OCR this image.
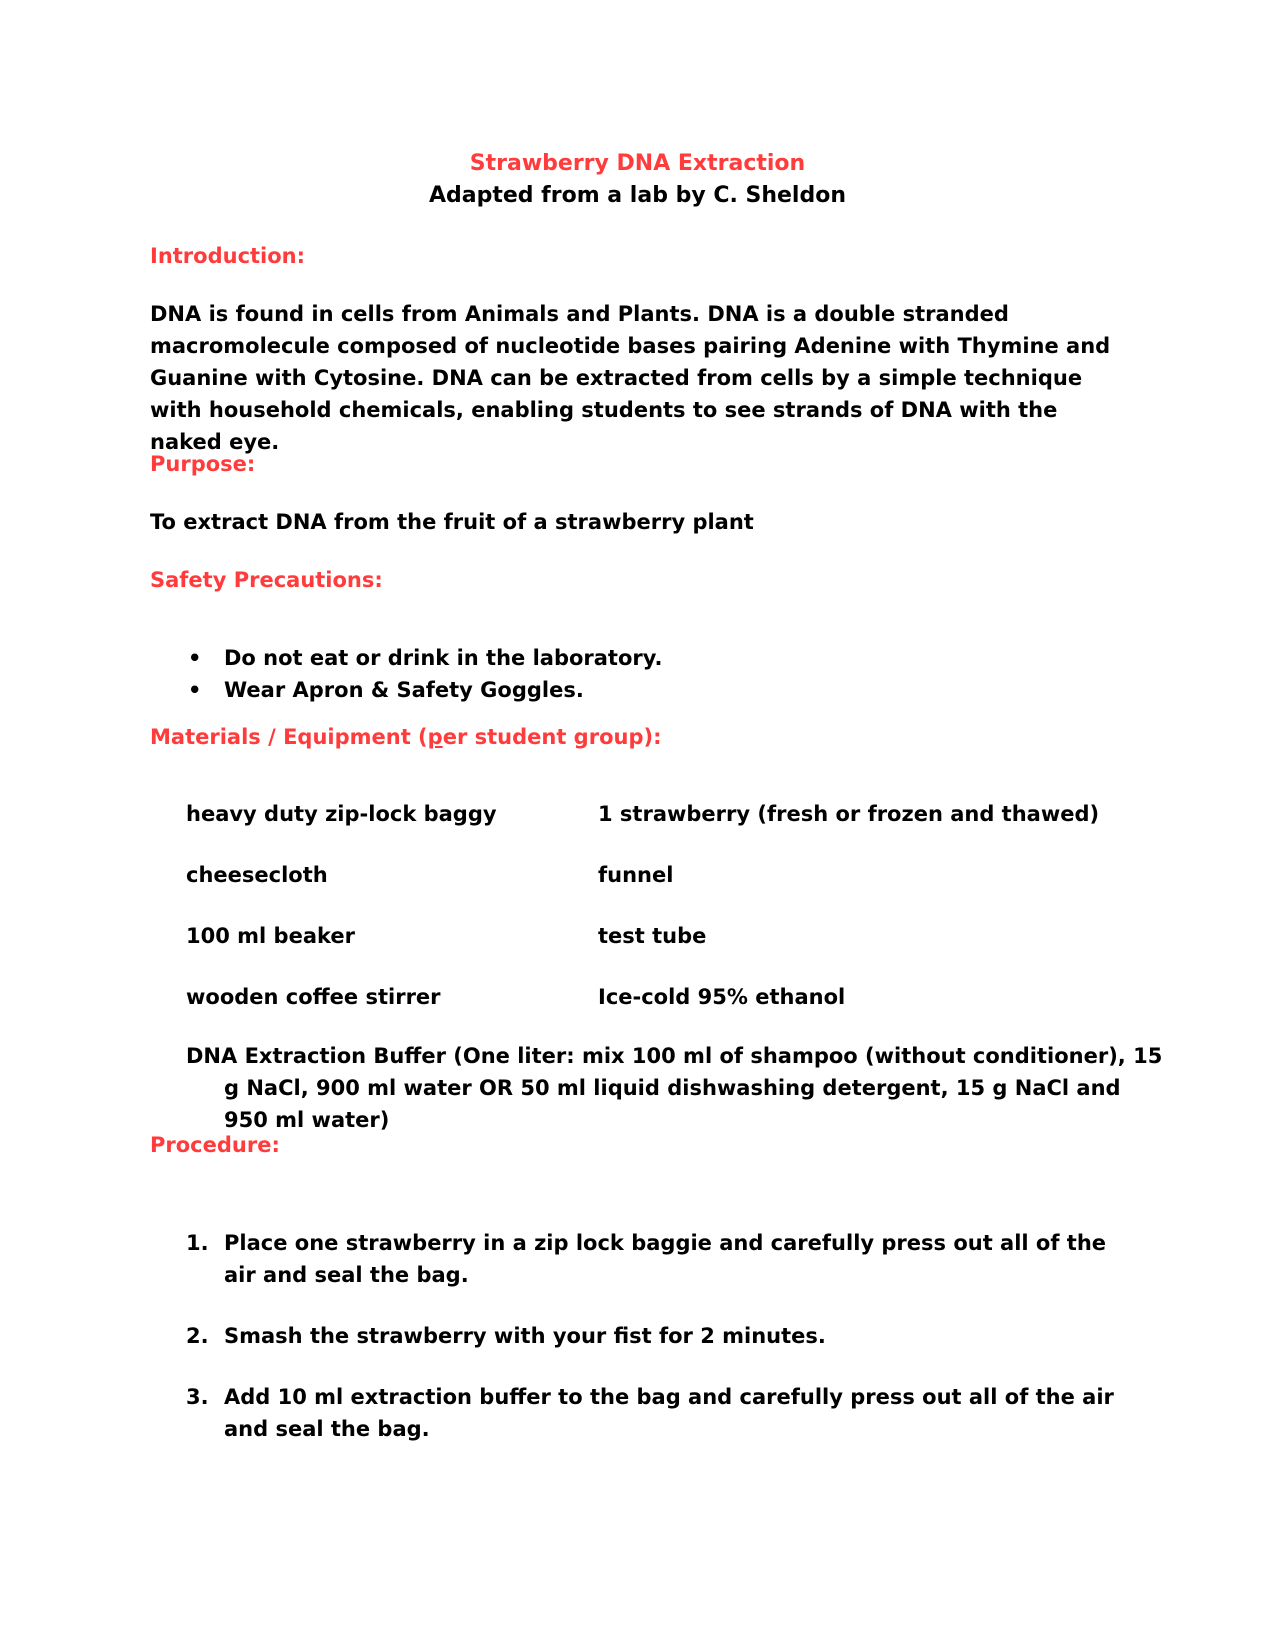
Strawberry DNA Extraction
Adapted from a lab by C. Sheldon
Introduction:
DNA is found in cells from Animals and Plants. DNA is a double stranded macromolecule composed of nucleotide bases pairing Adenine with Thymine and Guanine with Cytosine. DNA can be extracted from cells by a simple technique with household chemicals, enabling students to see strands of DNA with the naked eye.
Purpose:
To extract DNA from the fruit of a strawberry plant
Safety Precautions:
• Do not eat or drink in the laboratory.
• Wear Apron & Safety Goggles.
Materials / Equipment (per student group):
heavy duty zip-lock baggy	1 strawberry (fresh or frozen and thawed)
cheesecloth	funnel
100 ml beaker	test tube
wooden coffee stirrer	Ice-cold 95% ethanol
DNA Extraction Buffer (One liter: mix 100 ml of shampoo (without conditioner), 15 g NaCl, 900 ml water OR 50 ml liquid dishwashing detergent, 15 g NaCl and 950 ml water)
Procedure:
1. Place one strawberry in a zip lock baggie and carefully press out all of the air and seal the bag.
2. Smash the strawberry with your fist for 2 minutes.
3. Add 10 ml extraction buffer to the bag and carefully press out all of the air and seal the bag.
